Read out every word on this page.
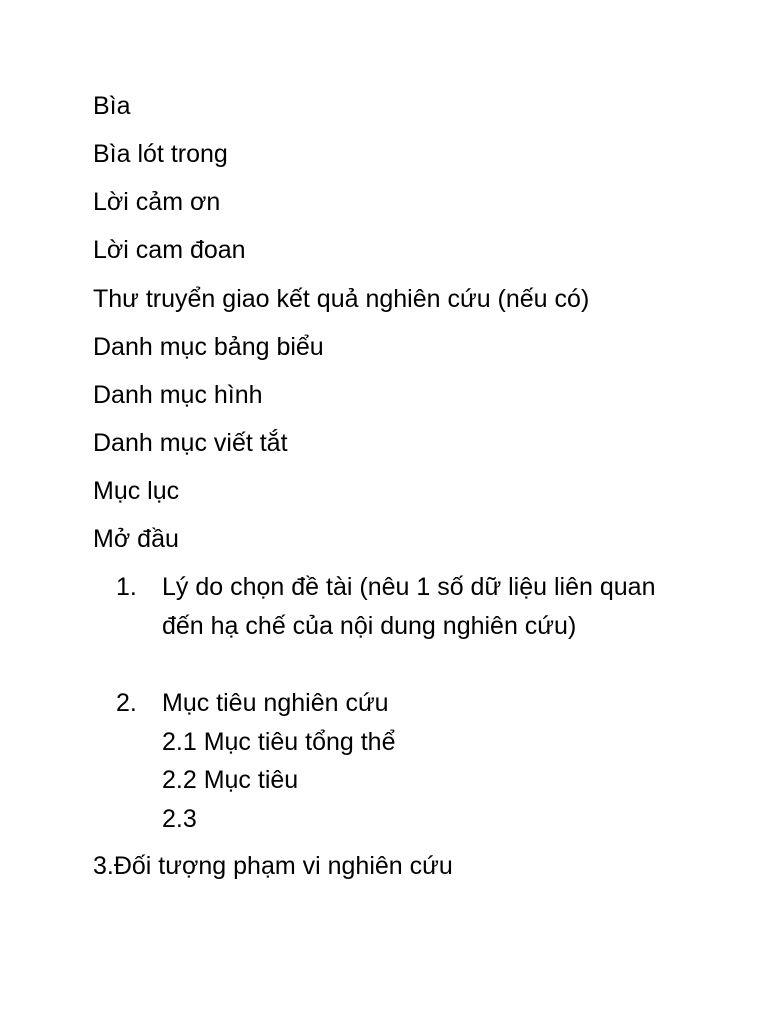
Bìa
Bìa lót trong
Lời cảm ơn
Lời cam đoan
Thư truyển giao kết quả nghiên cứu (nếu có)
Danh mục bảng biểu
Danh mục hình
Danh mục viết tắt
Mục lục
Mở đầu
1. Lý do chọn đề tài (nêu 1 số dữ liệu liên quan đến hạ chế của nội dung nghiên cứu)
2. Mục tiêu nghiên cứu
2.1 Mục tiêu tổng thể
2.2 Mục tiêu
2.3
3.Đối tượng phạm vi nghiên cứu
